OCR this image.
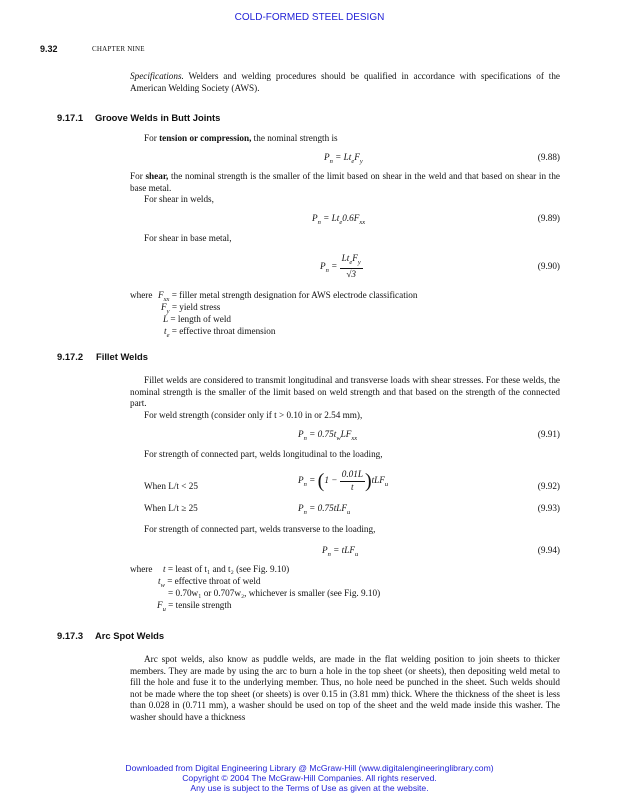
COLD-FORMED STEEL DESIGN
9.32	CHAPTER NINE
Specifications. Welders and welding procedures should be qualified in accordance with specifications of the American Welding Society (AWS).
9.17.1 Groove Welds in Butt Joints
For tension or compression, the nominal strength is
$P_n = Lt_eF_y$	(9.88)
For shear, the nominal strength is the smaller of the limit based on shear in the weld and that based on shear in the base metal.
For shear in welds,
$P_n = Lt_e0.6F_{xx}$	(9.89)
For shear in base metal,
$P_n = \frac{Lt_eF_y}{√3}$	(9.90)
where $F_{xx}$ = filler metal strength designation for AWS electrode classification
$F_y$ = yield stress
L = length of weld
$t_e$ = effective throat dimension
9.17.2 Fillet Welds
Fillet welds are considered to transmit longitudinal and transverse loads with shear stresses. For these welds, the nominal strength is the smaller of the limit based on weld strength and that based on the strength of the connected part.
For weld strength (consider only if t > 0.10 in or 2.54 mm),
$P_n = 0.75t_wLF_{xx}$	(9.91)
For strength of connected part, welds longitudinal to the loading,
When L/t < 25
$P_n = (1 - \frac{0.01L}{t} )tLF_u$	(9.92)
When L/t ≥ 25	$P_n = 0.75tLF_u$	(9.93)
For strength of connected part, welds transverse to the loading,
$P_n = tLF_u$	(9.94)
where t = least of t₁ and t₂ (see Fig. 9.10)
$t_w$ = effective throat of weld
= 0.70w₁ or 0.707w₂, whichever is smaller (see Fig. 9.10)
$F_u$ = tensile strength
9.17.3 Arc Spot Welds
Arc spot welds, also know as puddle welds, are made in the flat welding position to join sheets to thicker members. They are made by using the arc to burn a hole in the top sheet (or sheets), then depositing weld metal to fill the hole and fuse it to the underlying member. Thus, no hole need be punched in the sheet. Such welds should not be made where the top sheet (or sheets) is over 0.15 in (3.81 mm) thick. Where the thickness of the sheet is less than 0.028 in (0.711 mm), a washer should be used on top of the sheet and the weld made inside this washer. The washer should have a thickness
Downloaded from Digital Engineering Library @ McGraw-Hill (www.digitalengineeringlibrary.com)
Copyright © 2004 The McGraw-Hill Companies. All rights reserved.
Any use is subject to the Terms of Use as given at the website.
